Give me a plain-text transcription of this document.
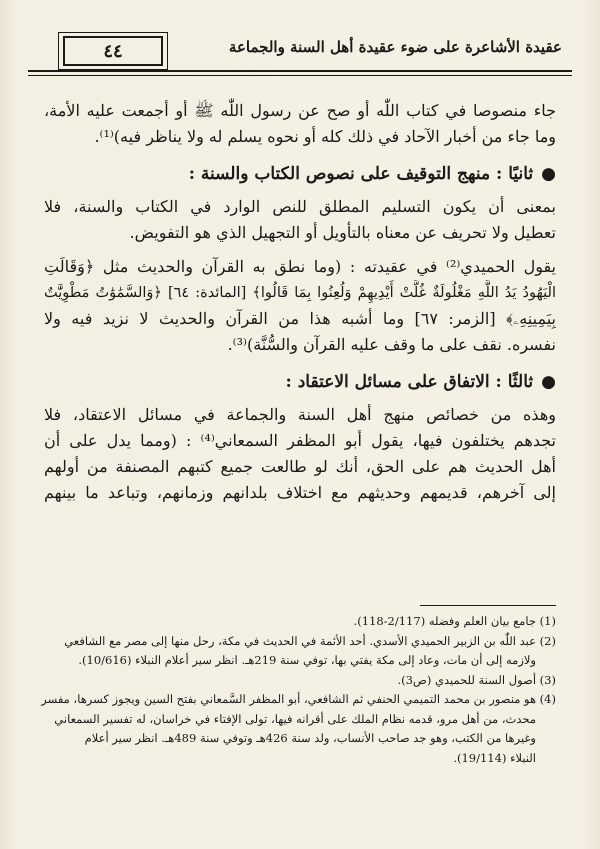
عقيدة الأشاعرة على ضوء عقيدة أهل السنة والجماعة
٤٤
جاء منصوصا في كتاب اللّٰه أو صح عن رسول اللّٰه ﷺ أو أجمعت عليه الأمة،
وما جاء من أخبار الآحاد في ذلك كله أو نحوه يسلم له ولا يناظر فيه)⁽¹⁾.
●ثانيًا : منهج التوقيف على نصوص الكتاب والسنة :
بمعنى أن يكون التسليم المطلق للنص الوارد في الكتاب والسنة، فلا
تعطيل ولا تحريف عن معناه بالتأويل أو التجهيل الذي هو التفويض.
يقول الحميدي⁽²⁾ في عقيدته : (وما نطق به القرآن والحديث مثل ﴿وَقَالَتِ
الْيَهُودُ يَدُ اللَّهِ مَغْلُولَةٌ غُلَّتْ أَيْدِيهِمْ وَلُعِنُوا بِمَا قَالُوا﴾ [المائدة: ٦٤] ﴿وَالسَّمَٰوَٰتُ مَطْوِيَّٰتٌ
بِيَمِينِهِۦ﴾ [الزمر: ٦٧] وما أشبه هذا من القرآن والحديث لا نزيد فيه ولا
نفسره. نقف على ما وقف عليه القرآن والسُّنَّة)⁽³⁾.
●ثالثًا : الاتفاق على مسائل الاعتقاد :
وهذه من خصائص منهج أهل السنة والجماعة في مسائل الاعتقاد، فلا
تجدهم يختلفون فيها، يقول أبو المظفر السمعاني⁽⁴⁾ : (ومما يدل على أن
أهل الحديث هم على الحق، أنك لو طالعت جميع كتبهم المصنفة من أولهم
إلى آخرهم، قديمهم وحديثهم مع اختلاف بلدانهم وزمانهم، وتباعد ما بينهم
(1) جامع بيان العلم وفضله (2/117-118).
(2) عبد اللّٰه بن الزبير الحميدي الأسدي. أحد الأئمة في الحديث في مكة، رحل منها إلى مصر مع الشافعي
ولازمه إلى أن مات، وعاد إلى مكة يفتي بها، توفي سنة 219هـ. انظر سير أعلام النبلاء (10/616).
(3) أصول السنة للحميدي (ص3).
(4) هو منصور بن محمد التميمي الحنفي ثم الشافعي، أبو المظفر السَّمعاني بفتح السين ويجوز كسرها، مفسر
محدث، من أهل مرو، قدمه نظام الملك على أقرانه فيها، تولى الإفتاء في خراسان، له تفسير السمعاني
وغيرها من الكتب، وهو جد صاحب الأنساب، ولد سنة 426هـ وتوفي سنة 489هـ. انظر سير أعلام
النبلاء (19/114).
